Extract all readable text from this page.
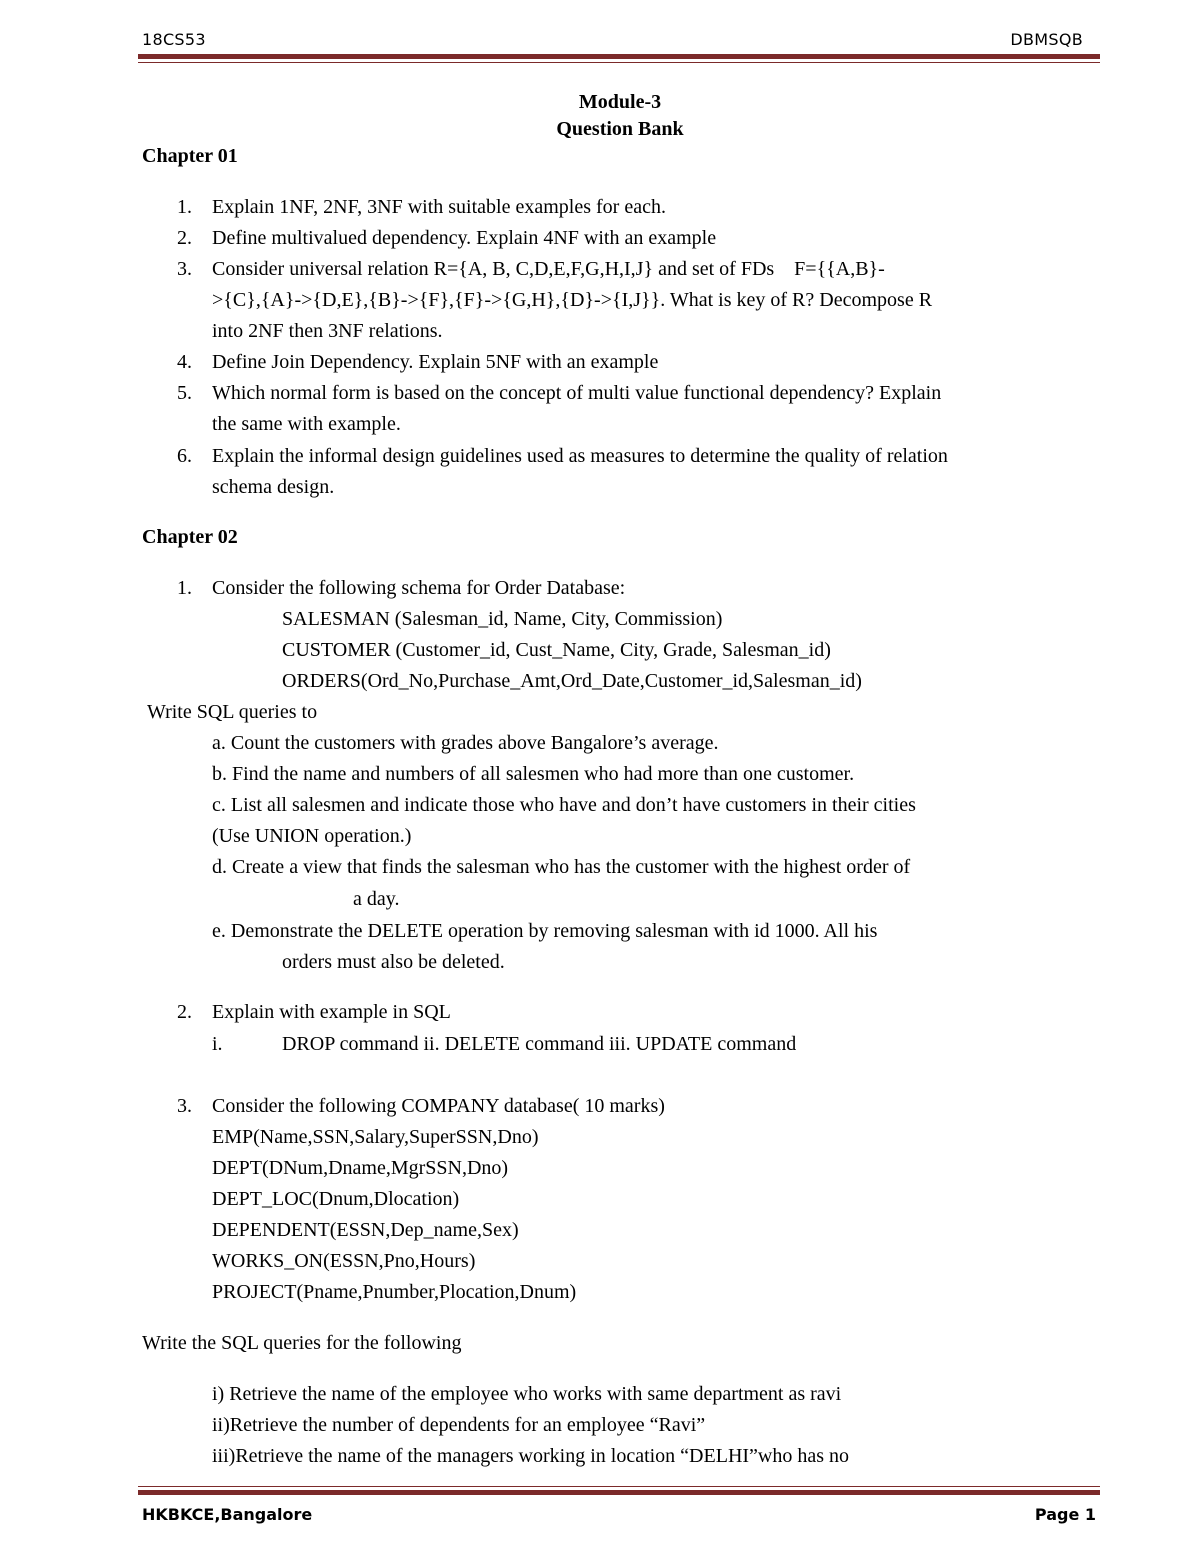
18CS53	DBMSQB
Module-3
Question Bank
Chapter 01
1. Explain 1NF, 2NF, 3NF with suitable examples for each.
2. Define multivalued dependency. Explain 4NF with an example
3. Consider universal relation R={A, B, C,D,E,F,G,H,I,J} and set of FDs    F={{A,B}-
>{C},{A}->{D,E},{B}->{F},{F}->{G,H},{D}->{I,J}}. What is key of R? Decompose R
into 2NF then 3NF relations.
4. Define Join Dependency. Explain 5NF with an example
5. Which normal form is based on the concept of multi value functional dependency? Explain
the same with example.
6. Explain the informal design guidelines used as measures to determine the quality of relation
schema design.
Chapter 02
1. Consider the following schema for Order Database:
SALESMAN (Salesman_id, Name, City, Commission)
CUSTOMER (Customer_id, Cust_Name, City, Grade, Salesman_id)
ORDERS(Ord_No,Purchase_Amt,Ord_Date,Customer_id,Salesman_id)
Write SQL queries to
a. Count the customers with grades above Bangalore’s average.
b. Find the name and numbers of all salesmen who had more than one customer.
c. List all salesmen and indicate those who have and don’t have customers in their cities
(Use UNION operation.)
d. Create a view that finds the salesman who has the customer with the highest order of
a day.
e. Demonstrate the DELETE operation by removing salesman with id 1000. All his
orders must also be deleted.
2. Explain with example in SQL
i.	DROP command ii. DELETE command iii. UPDATE command
3. Consider the following COMPANY database( 10 marks)
EMP(Name,SSN,Salary,SuperSSN,Dno)
DEPT(DNum,Dname,MgrSSN,Dno)
DEPT_LOC(Dnum,Dlocation)
DEPENDENT(ESSN,Dep_name,Sex)
WORKS_ON(ESSN,Pno,Hours)
PROJECT(Pname,Pnumber,Plocation,Dnum)
Write the SQL queries for the following
i) Retrieve the name of the employee who works with same department as ravi
ii)Retrieve the number of dependents for an employee “Ravi”
iii)Retrieve the name of the managers working in location “DELHI”who has no
HKBKCE,Bangalore	Page 1
